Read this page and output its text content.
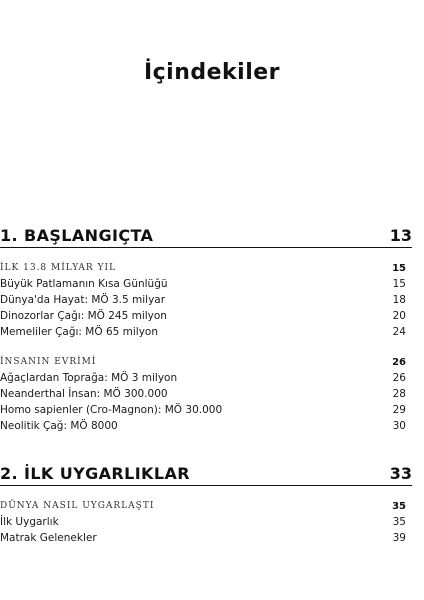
İçindekiler
1. BAŞLANGIÇTA	13
İLK 13.8 MİLYAR YIL	15
Büyük Patlamanın Kısa Günlüğü	15
Dünya'da Hayat: MÖ 3.5 milyar	18
Dinozorlar Çağı: MÖ 245 milyon	20
Memeliler Çağı: MÖ 65 milyon	24
İNSANIN EVRİMİ	26
Ağaçlardan Toprağa: MÖ 3 milyon	26
Neanderthal İnsan: MÖ 300.000	28
Homo sapienler (Cro-Magnon): MÖ 30.000	29
Neolitik Çağ: MÖ 8000	30
2. İLK UYGARLIKLAR	33
DÜNYA NASIL UYGARLAŞTI	35
İlk Uygarlık	35
Matrak Gelenekler	39
